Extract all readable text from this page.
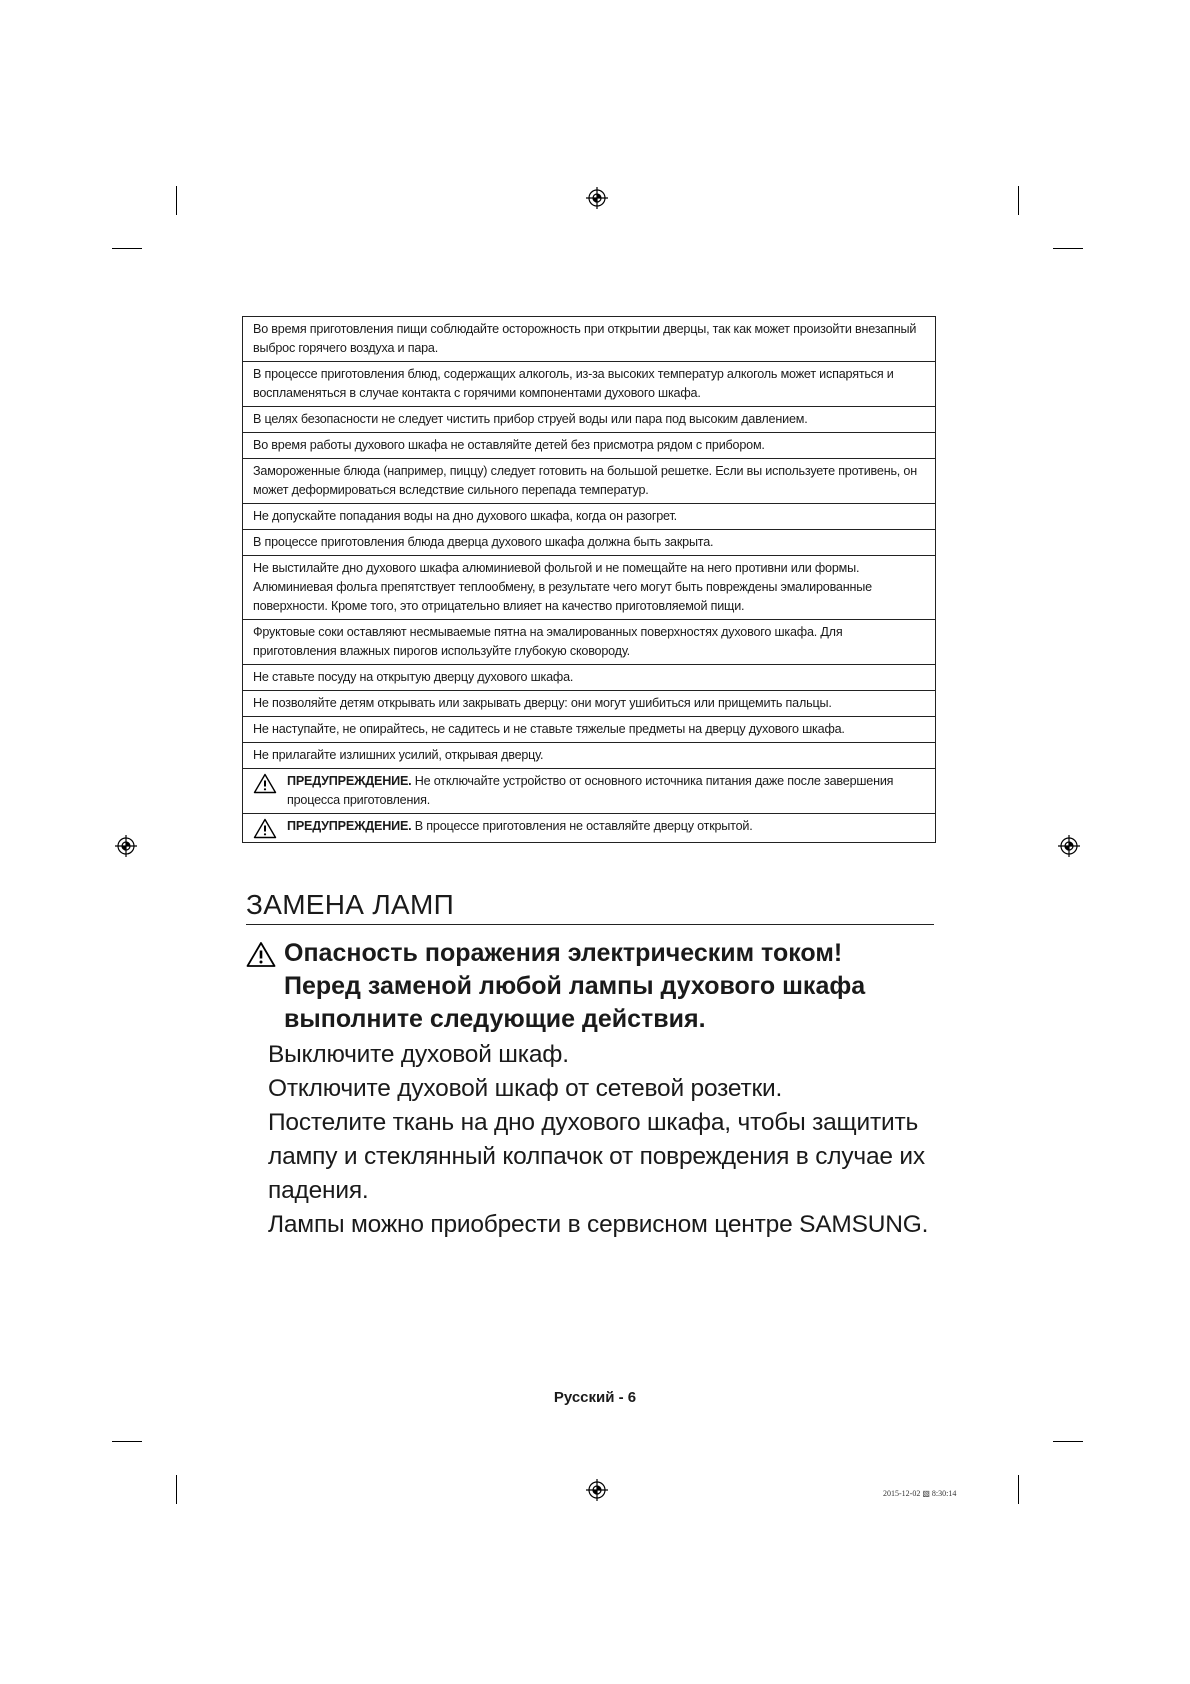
Во время приготовления пищи соблюдайте осторожность при открытии дверцы, так как может произойти внезапный выброс горячего воздуха и пара.
В процессе приготовления блюд, содержащих алкоголь, из-за высоких температур алкоголь может испаряться и воспламеняться в случае контакта с горячими компонентами духового шкафа.
В целях безопасности не следует чистить прибор струей воды или пара под высоким давлением.
Во время работы духового шкафа не оставляйте детей без присмотра рядом с прибором.
Замороженные блюда (например, пиццу) следует готовить на большой решетке. Если вы используете противень, он может деформироваться вследствие сильного перепада температур.
Не допускайте попадания воды на дно духового шкафа, когда он разогрет.
В процессе приготовления блюда дверца духового шкафа должна быть закрыта.
Не выстилайте дно духового шкафа алюминиевой фольгой и не помещайте на него противни или формы. Алюминиевая фольга препятствует теплообмену, в результате чего могут быть повреждены эмалированные поверхности. Кроме того, это отрицательно влияет на качество приготовляемой пищи.
Фруктовые соки оставляют несмываемые пятна на эмалированных поверхностях духового шкафа. Для приготовления влажных пирогов используйте глубокую сковороду.
Не ставьте посуду на открытую дверцу духового шкафа.
Не позволяйте детям открывать или закрывать дверцу: они могут ушибиться или прищемить пальцы.
Не наступайте, не опирайтесь, не садитесь и не ставьте тяжелые предметы на дверцу духового шкафа.
Не прилагайте излишних усилий, открывая дверцу.

ПРЕДУПРЕЖДЕНИЕ. Не отключайте устройство от основного источника питания даже после завершения процесса приготовления.

ПРЕДУПРЕЖДЕНИЕ. В процессе приготовления не оставляйте дверцу открытой.
ЗАМЕНА ЛАМП
Опасность поражения электрическим током!
Перед заменой любой лампы духового шкафа
выполните следующие действия.

Выключите духовой шкаф.

Отключите духовой шкаф от сетевой розетки.

Постелите ткань на дно духового шкафа, чтобы защитить лампу и стеклянный колпачок от повреждения в случае их падения.

Лампы можно приобрести в сервисном центре SAMSUNG.

Русский - 6
2015-12-02 ▧ 8:30:14
